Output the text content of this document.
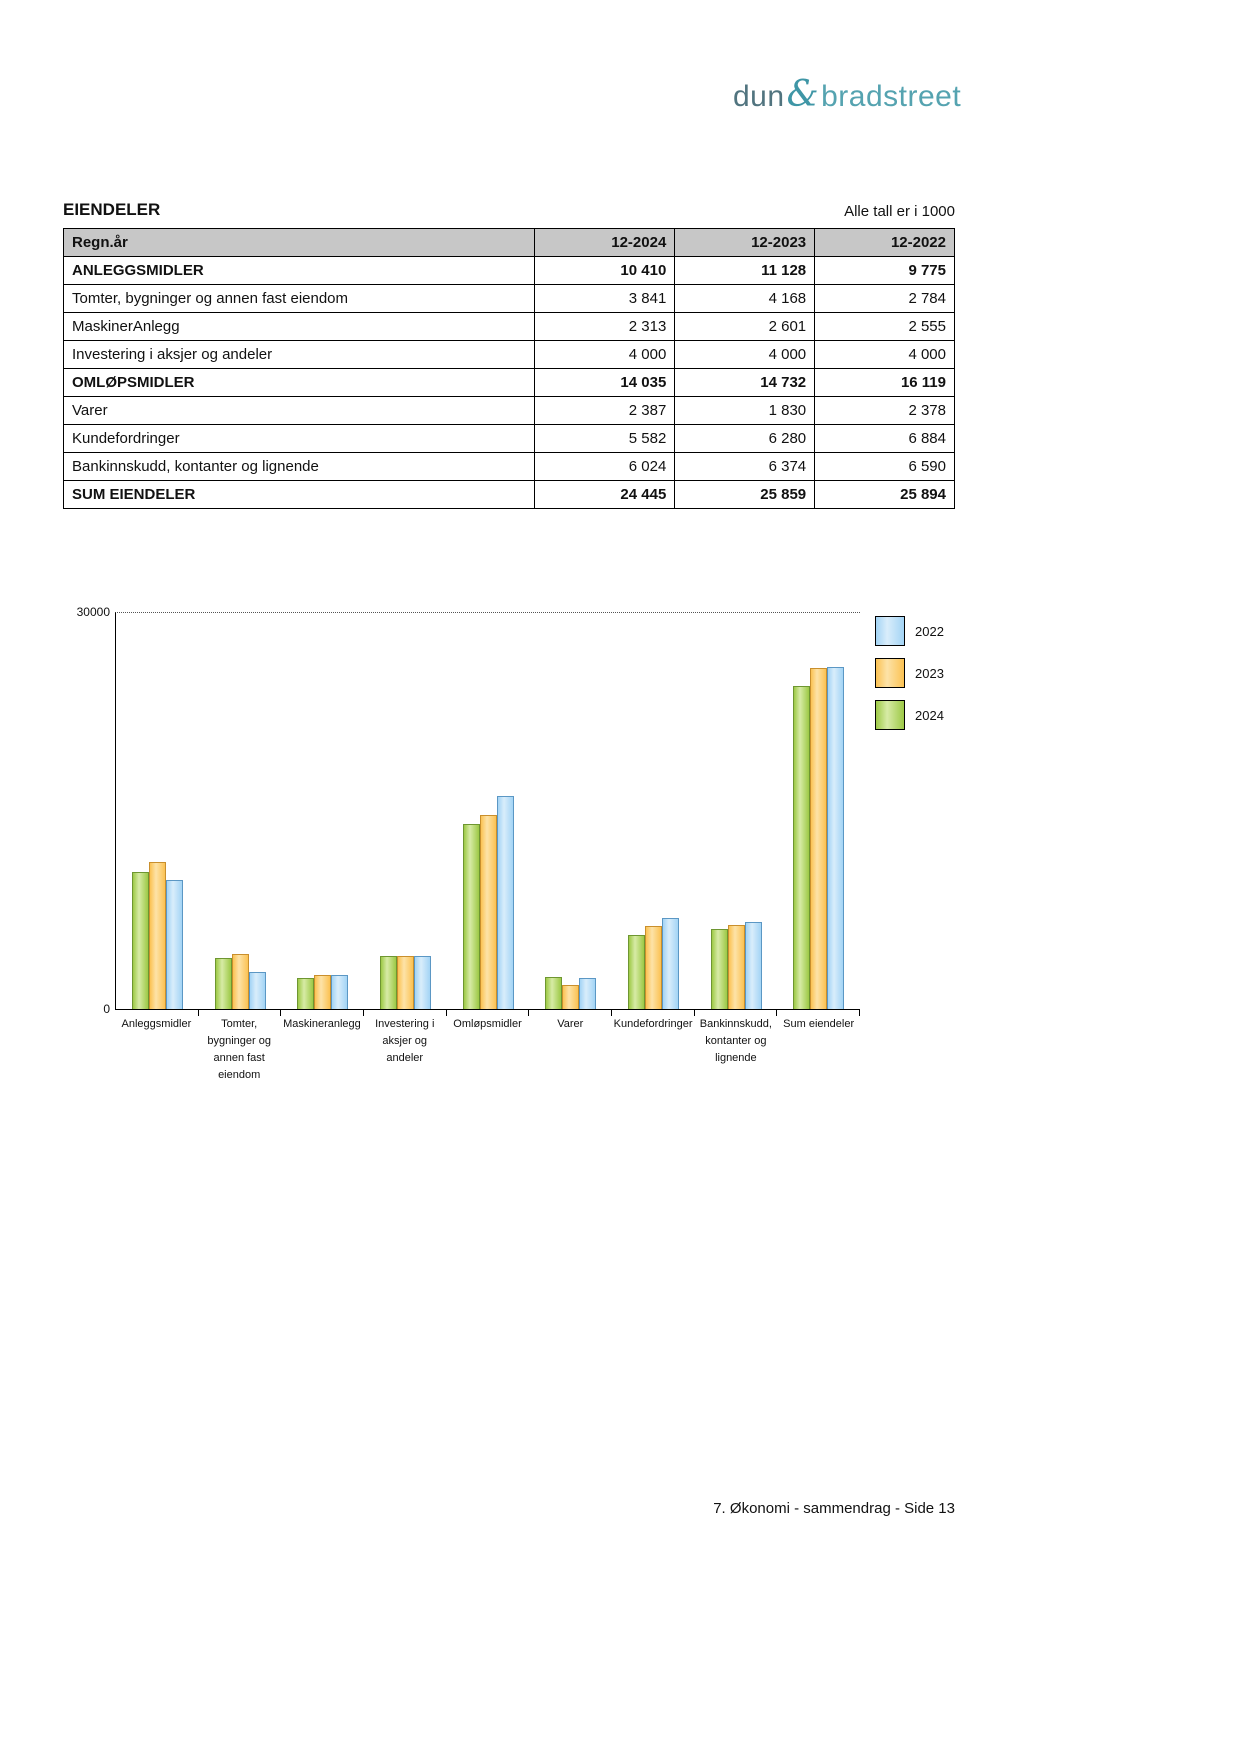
dun&bradstreet
EIENDELER	Alle tall er i 1000
Regn.år	12-2024	12-2023	12-2022
ANLEGGSMIDLER	10 410	11 128	9 775
Tomter, bygninger og annen fast eiendom	3 841	4 168	2 784
MaskinerAnlegg	2 313	2 601	2 555
Investering i aksjer og andeler	4 000	4 000	4 000
OMLØPSMIDLER	14 035	14 732	16 119
Varer	2 387	1 830	2 378
Kundefordringer	5 582	6 280	6 884
Bankinnskudd, kontanter og lignende	6 024	6 374	6 590
SUM EIENDELER	24 445	25 859	25 894
30000
0
Anleggsmidler	Tomter, bygninger og annen fast eiendom
Maskineranlegg	Investering i aksjer og andeler
Omløpsmidler	Varer	Kundefordringer Bankinnskudd, kontanter og lignende
Sum eiendeler
2022
2023
2024
7. Økonomi - sammendrag - Side 13
